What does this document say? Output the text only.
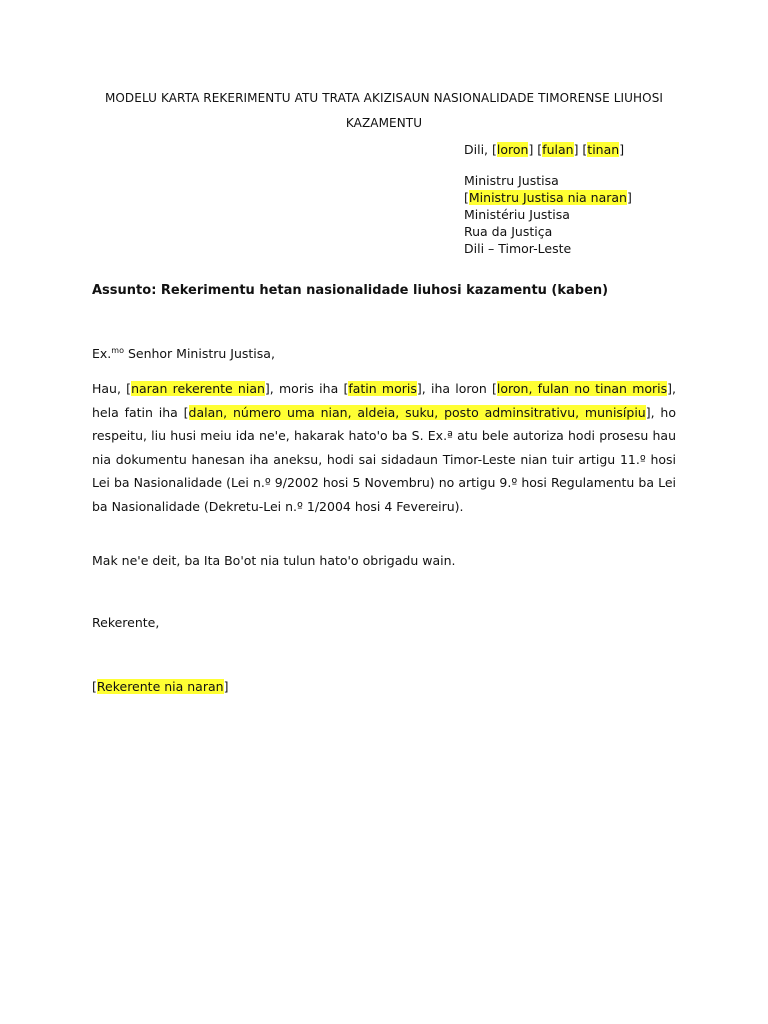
MODELU KARTA REKERIMENTU ATU TRATA AKIZISAUN NASIONALIDADE TIMORENSE LIUHOSI KAZAMENTU
Dili, [loron] [fulan] [tinan]
Ministru Justisa
[Ministru Justisa nia naran]
Ministériu Justisa
Rua da Justiça
Dili – Timor-Leste
Assunto: Rekerimentu hetan nasionalidade liuhosi kazamentu (kaben)
Ex.$^{mo}$ Senhor Ministru Justisa,
Hau, [naran rekerente nian], moris iha [fatin moris], iha loron [loron, fulan no tinan moris], hela fatin iha [dalan, número uma nian, aldeia, suku, posto adminsitrativu, munisípiu], ho respeitu, liu husi meiu ida ne'e, hakarak hato'o ba S. Ex.ª atu bele autoriza hodi prosesu hau nia dokumentu hanesan iha aneksu, hodi sai sidadaun Timor-Leste nian tuir artigu 11.º hosi Lei ba Nasionalidade (Lei n.º 9/2002 hosi 5 Novembru) no artigu 9.º hosi Regulamentu ba Lei ba Nasionalidade (Dekretu-Lei n.º 1/2004 hosi 4 Fevereiru).
Mak ne'e deit, ba Ita Bo'ot nia tulun hato'o obrigadu wain.
Rekerente,
[Rekerente nia naran]
